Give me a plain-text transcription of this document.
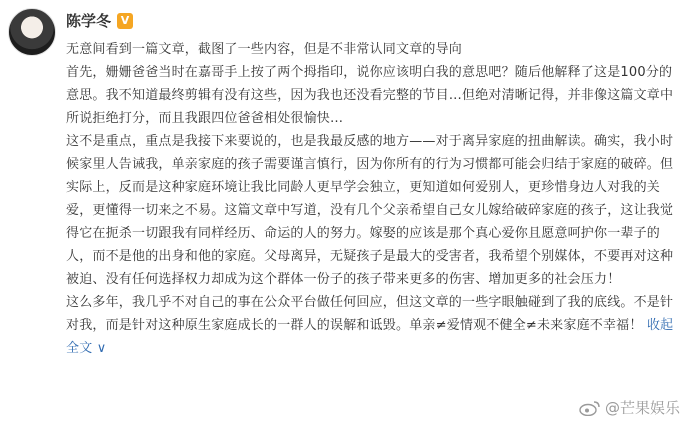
陈学冬 V

无意间看到一篇文章，截图了一些内容，但是不非常认同文章的导向

首先，姗姗爸爸当时在嘉哥手上按了两个拇指印，说你应该明白我的意思吧？随后他解释了这是100分的意思。我不知道最终剪辑有没有这些，因为我也还没看完整的节目…但绝对清晰记得，并非像这篇文章中所说拒绝打分，而且我跟四位爸爸相处很愉快…

这不是重点，重点是我接下来要说的，也是我最反感的地方——对于离异家庭的扭曲解读。确实，我小时候家里人告诫我，单亲家庭的孩子需要谨言慎行，因为你所有的行为习惯都可能会归结于家庭的破碎。但实际上，反而是这种家庭环境让我比同龄人更早学会独立，更知道如何爱别人，更珍惜身边人对我的关爱，更懂得一切来之不易。这篇文章中写道，没有几个父亲希望自己女儿嫁给破碎家庭的孩子，这让我觉得它在扼杀一切跟我有同样经历、命运的人的努力。嫁娶的应该是那个真心爱你且愿意呵护你一辈子的人，而不是他的出身和他的家庭。父母离异，无疑孩子是最大的受害者，我希望个别媒体，不要再对这种被迫、没有任何选择权力却成为这个群体一份子的孩子带来更多的伤害、增加更多的社会压力！

这么多年，我几乎不对自己的事在公众平台做任何回应，但这文章的一些字眼触碰到了我的底线。不是针对我，而是针对这种原生家庭成长的一群人的误解和诋毁。单亲≠爱情观不健全≠未来家庭不幸福！ 收起全文 ∨

@芒果娱乐
